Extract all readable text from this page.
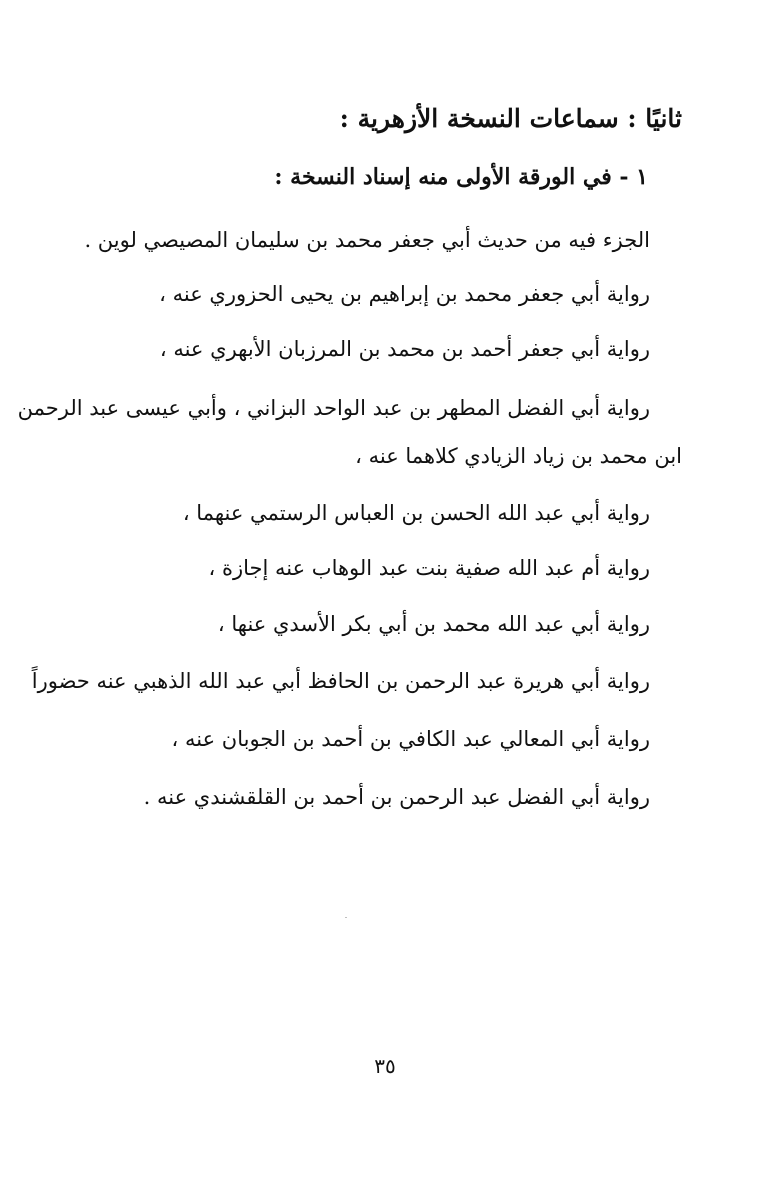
ثانيًا : سماعات النسخة الأزهرية :
١ - في الورقة الأولى منه إسناد النسخة :
الجزء فيه من حديث أبي جعفر محمد بن سليمان المصيصي لوين .
رواية أبي جعفر محمد بن إبراهيم بن يحيى الحزوري عنه ،
رواية أبي جعفر أحمد بن محمد بن المرزبان الأبهري عنه ،
رواية أبي الفضل المطهر بن عبد الواحد البزاني ، وأبي عيسى عبد الرحمن
ابن محمد بن زياد الزيادي كلاهما عنه ،
رواية أبي عبد الله الحسن بن العباس الرستمي عنهما ،
رواية أم عبد الله صفية بنت عبد الوهاب عنه إجازة ،
رواية أبي عبد الله محمد بن أبي بكر الأسدي عنها ،
رواية أبي هريرة عبد الرحمن بن الحافظ أبي عبد الله الذهبي عنه حضوراً
رواية أبي المعالي عبد الكافي بن أحمد بن الجوبان عنه ،
رواية أبي الفضل عبد الرحمن بن أحمد بن القلقشندي عنه .
٣٥
